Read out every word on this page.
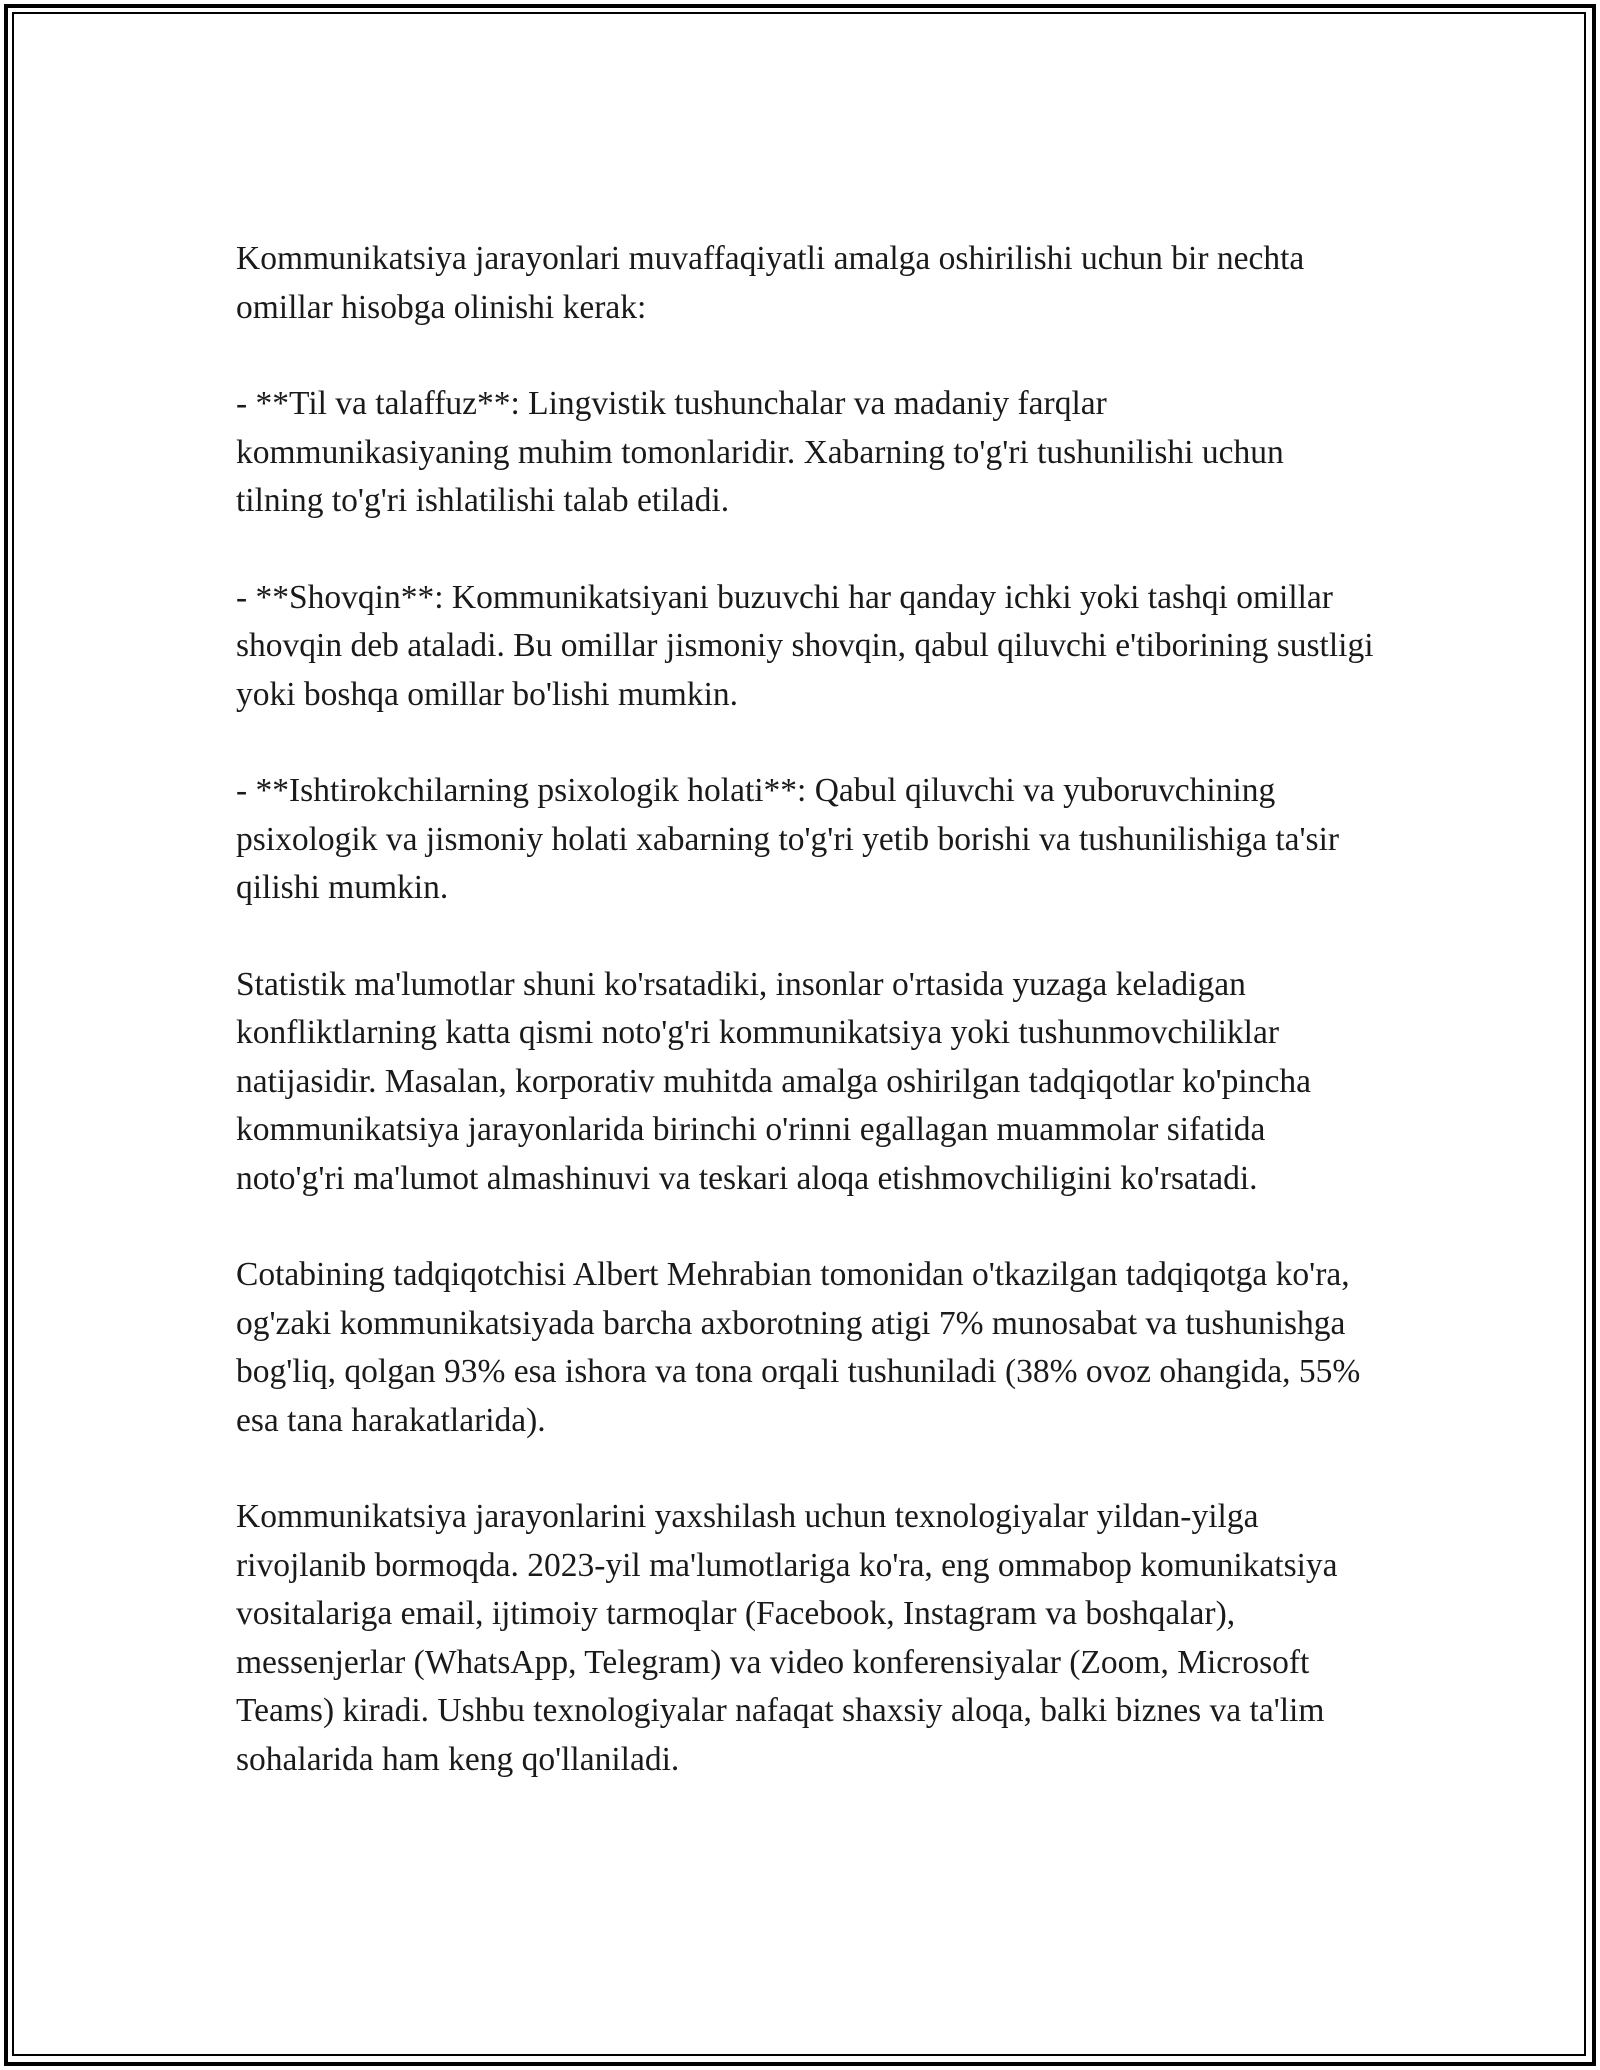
Kommunikatsiya jarayonlari muvaffaqiyatli amalga oshirilishi uchun bir nechta omillar hisobga olinishi kerak:

- **Til va talaffuz**: Lingvistik tushunchalar va madaniy farqlar kommunikasiyaning muhim tomonlaridir. Xabarning to'g'ri tushunilishi uchun tilning to'g'ri ishlatilishi talab etiladi.

- **Shovqin**: Kommunikatsiyani buzuvchi har qanday ichki yoki tashqi omillar shovqin deb ataladi. Bu omillar jismoniy shovqin, qabul qiluvchi e'tiborining sustligi yoki boshqa omillar bo'lishi mumkin.

- **Ishtirokchilarning psixologik holati**: Qabul qiluvchi va yuboruvchining psixologik va jismoniy holati xabarning to'g'ri yetib borishi va tushunilishiga ta'sir qilishi mumkin.

Statistik ma'lumotlar shuni ko'rsatadiki, insonlar o'rtasida yuzaga keladigan konfliktlarning katta qismi noto'g'ri kommunikatsiya yoki tushunmovchiliklar natijasidir. Masalan, korporativ muhitda amalga oshirilgan tadqiqotlar ko'pincha kommunikatsiya jarayonlarida birinchi o'rinni egallagan muammolar sifatida noto'g'ri ma'lumot almashinuvi va teskari aloqa etishmovchiligini ko'rsatadi.

Cotabining tadqiqotchisi Albert Mehrabian tomonidan o'tkazilgan tadqiqotga ko'ra, og'zaki kommunikatsiyada barcha axborotning atigi 7% munosabat va tushunishga bog'liq, qolgan 93% esa ishora va tona orqali tushuniladi (38% ovoz ohangida, 55% esa tana harakatlarida).

Kommunikatsiya jarayonlarini yaxshilash uchun texnologiyalar yildan-yilga rivojlanib bormoqda. 2023-yil ma'lumotlariga ko'ra, eng ommabop komunikatsiya vositalariga email, ijtimoiy tarmoqlar (Facebook, Instagram va boshqalar), messenjerlar (WhatsApp, Telegram) va video konferensiyalar (Zoom, Microsoft Teams) kiradi. Ushbu texnologiyalar nafaqat shaxsiy aloqa, balki biznes va ta'lim sohalarida ham keng qo'llaniladi.
